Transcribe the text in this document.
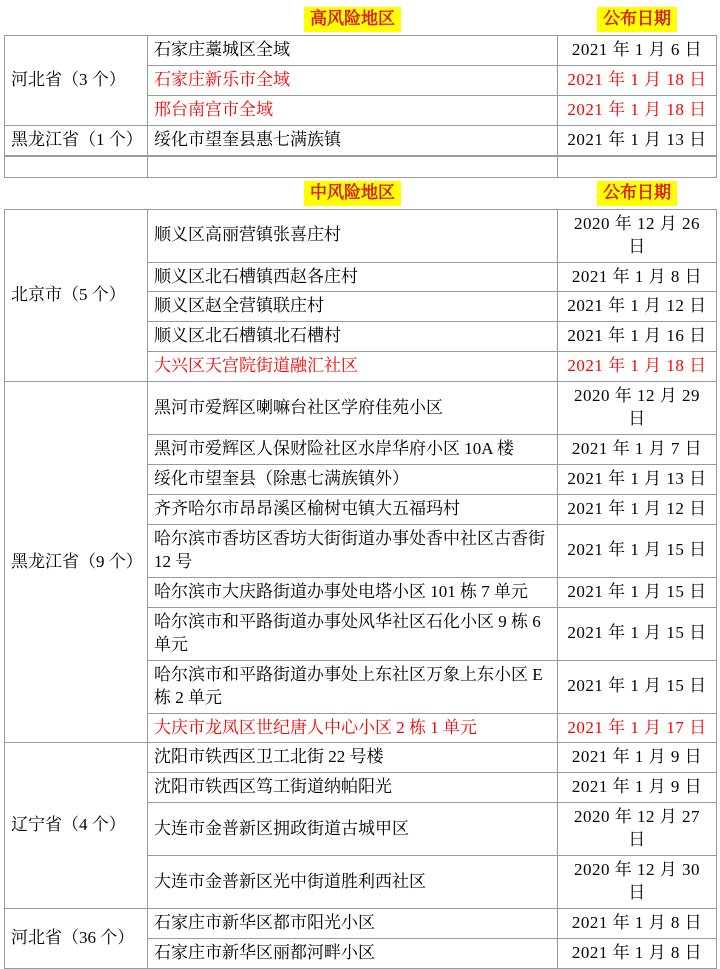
	高风险地区	公布日期
河北省（3 个）	石家庄藁城区全域	2021 年 1 月 6 日
	石家庄新乐市全域	2021 年 1 月 18 日
	邢台南宫市全域	2021 年 1 月 18 日
黑龙江省（1 个）	绥化市望奎县惠七满族镇	2021 年 1 月 13 日

	中风险地区	公布日期
北京市（5 个）	顺义区高丽营镇张喜庄村	2020 年 12 月 26 日
	顺义区北石槽镇西赵各庄村	2021 年 1 月 8 日
	顺义区赵全营镇联庄村	2021 年 1 月 12 日
	顺义区北石槽镇北石槽村	2021 年 1 月 16 日
	大兴区天宫院街道融汇社区	2021 年 1 月 18 日
黑龙江省（9 个）	黑河市爱辉区喇嘛台社区学府佳苑小区	2020 年 12 月 29 日
	黑河市爱辉区人保财险社区水岸华府小区 10A 楼	2021 年 1 月 7 日
	绥化市望奎县（除惠七满族镇外）	2021 年 1 月 13 日
	齐齐哈尔市昂昂溪区榆树屯镇大五福玛村	2021 年 1 月 12 日
	哈尔滨市香坊区香坊大街街道办事处香中社区古香街 12 号	2021 年 1 月 15 日
	哈尔滨市大庆路街道办事处电塔小区 101 栋 7 单元	2021 年 1 月 15 日
	哈尔滨市和平路街道办事处风华社区石化小区 9 栋 6 单元	2021 年 1 月 15 日
	哈尔滨市和平路街道办事处上东社区万象上东小区 E 栋 2 单元	2021 年 1 月 15 日
	大庆市龙凤区世纪唐人中心小区 2 栋 1 单元	2021 年 1 月 17 日
辽宁省（4 个）	沈阳市铁西区卫工北街 22 号楼	2021 年 1 月 9 日
	沈阳市铁西区笃工街道纳帕阳光	2021 年 1 月 9 日
	大连市金普新区拥政街道古城甲区	2020 年 12 月 27 日
	大连市金普新区光中街道胜利西社区	2020 年 12 月 30 日
河北省（36 个）	石家庄市新华区都市阳光小区	2021 年 1 月 8 日
	石家庄市新华区丽都河畔小区	2021 年 1 月 8 日
